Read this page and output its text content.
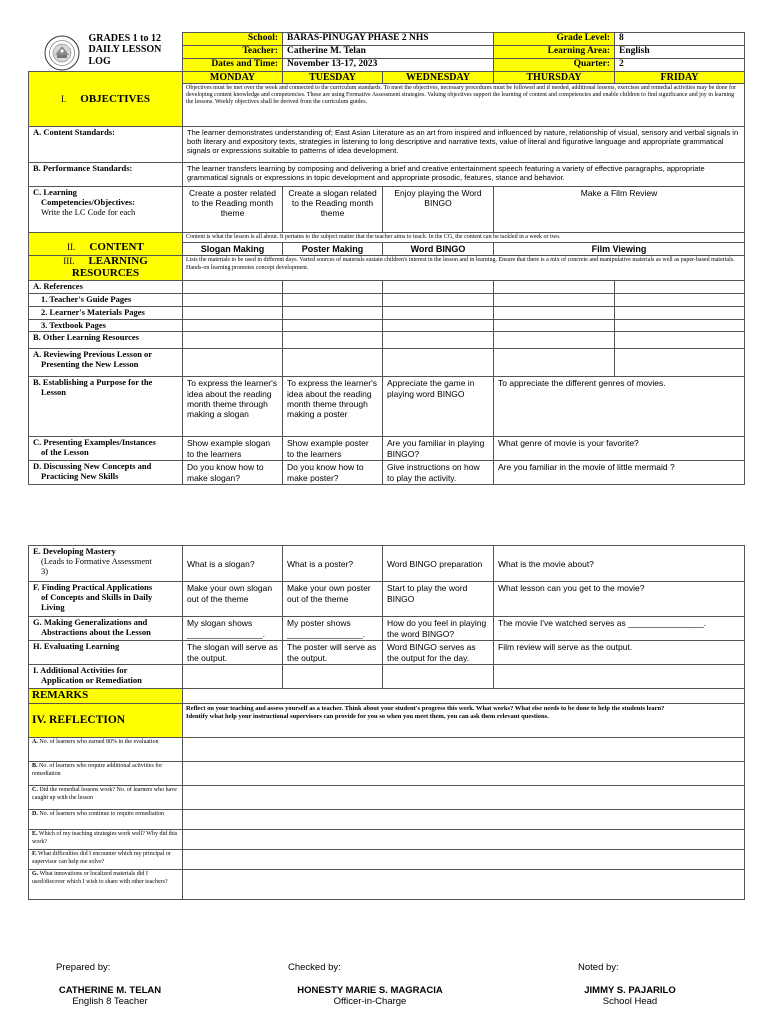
GRADES 1 to 12
DAILY LESSON
LOG	School:	BARAS-PINUGAY PHASE 2 NHS		Grade Level:	8
	Teacher:	Catherine M. Telan		Learning Area:	English
	Dates and Time:	November 13-17, 2023		Quarter:	2
I. OBJECTIVES	MONDAY	TUESDAY	WEDNESDAY	THURSDAY	FRIDAY
	Objectives must be met over the week and connected to the curriculum standards. To meet the objectives, necessary procedures must be followed and if needed, additional lessons, exercises and remedial activities may be done for developing content knowledge and competencies. These are using Formative Assessment strategies. Valuing objectives support the learning of content and competencies and enable children to find significance and joy in learning the lessons. Weekly objectives shall be derived from the curriculum guides.				
A. Content Standards:	The learner demonstrates understanding of; East Asian Literature as an art from inspired and influenced by nature, relationship of visual, sensory and verbal signals in both literary and expository texts, strategies in listening to long descriptive and narrative texts, value of literal and figurative language and appropriate grammatical signals or expressions suitable to patterns of idea development.				
B. Performance Standards:	The learner transfers learning by composing and delivering a brief and creative entertainment speech featuring a variety of effective paragraphs, appropriate grammatical signals or expressions in topic development and appropriate prosodic, features, stance and behavior.				

C. Learning
Competencies/Objectives:
Write the LC Code for each	Create a poster related to the Reading month theme	Create a slogan related to the Reading month theme	Enjoy playing the Word BINGO	Make a Film Review	
II. CONTENT	Content is what the lesson is all about. It pertains to the subject matter that the teacher aims to teach. In the CG, the content can be tackled in a week or two.				
	Slogan Making	Poster Making	Word BINGO	Film Viewing	

III. LEARNING
RESOURCES	Lists the materials to be used in different days. Varied sources of materials sustain children's interest in the lesson and in learning. Ensure that there is a mix of concrete and manipulative materials as well as paper-based materials. Hands-on learning promotes concept development.				
A. References					
1. Teacher's Guide Pages					
2. Learner's Materials Pages					
3. Textbook Pages					
B. Other Learning Resources					

A. Reviewing Previous Lesson or
Presenting the New Lesson					

B. Establishing a Purpose for the
Lesson	To express the learner's idea about the reading month theme through making a slogan	To express the learner's idea about the reading month theme through making a poster	Appreciate the game in playing word BINGO	To appreciate the different genres of movies.	

C. Presenting Examples/Instances
of the Lesson	Show example slogan to the learners	Show example poster to the learners	Are you familiar in playing BINGO?	What genre of movie is your favorite?	

D. Discussing New Concepts and
Practicing New Skills	Do you know how to make slogan?	Do you know how to make poster?	Give instructions on how to play the activity.	Are you familiar in the movie of little mermaid ?	
E. Developing Mastery
(Leads to Formative Assessment
3)	What is a slogan?	What is a poster?	Word BINGO preparation	What is the movie about?

F. Finding Practical Applications
of Concepts and Skills in Daily
Living	Make your own slogan out of the theme	Make your own poster out of the theme	Start to play the word BINGO	What lesson can you get to the movie?

G. Making Generalizations and
Abstractions about the Lesson	My slogan shows ________________.	My poster shows ________________.	How do you feel in playing the word BINGO?	The movie I've watched serves as ________________.
H. Evaluating Learning	The slogan will serve as the output.	The poster will serve as the output.	Word BINGO serves as the output for the day.	Film review will serve as the output.

I. Additional Activities for
Application or Remediation				

REMARKS				
IV. REFLECTION	Reflect on your teaching and assess yourself as a teacher. Think about your student's progress this week. What works? What else needs to be done to help the students learn?
Identify what help your instructional supervisors can provide for you so when you meet them, you can ask them relevant questions.			

A. No. of learners who earned 80% in the evaluation				
B. No. of learners who require additional activities for remediation				
C. Did the remedial lessons work? No. of learners who have caught up with the lesson				
D. No. of learners who continue to require remediation				
E. Which of my teaching strategies work well? Why did this work?				
F. What difficulties did I encounter which my principal or supervisor can help me solve?				
G. What innovations or localized materials did I used/discover which I wish to share with other teachers?				
Prepared by:	Checked by:	Noted by:
CATHERINE M. TELAN
English 8 Teacher
HONESTY MARIE S. MAGRACIA
Officer-in-Charge
JIMMY S. PAJARILO
School Head
